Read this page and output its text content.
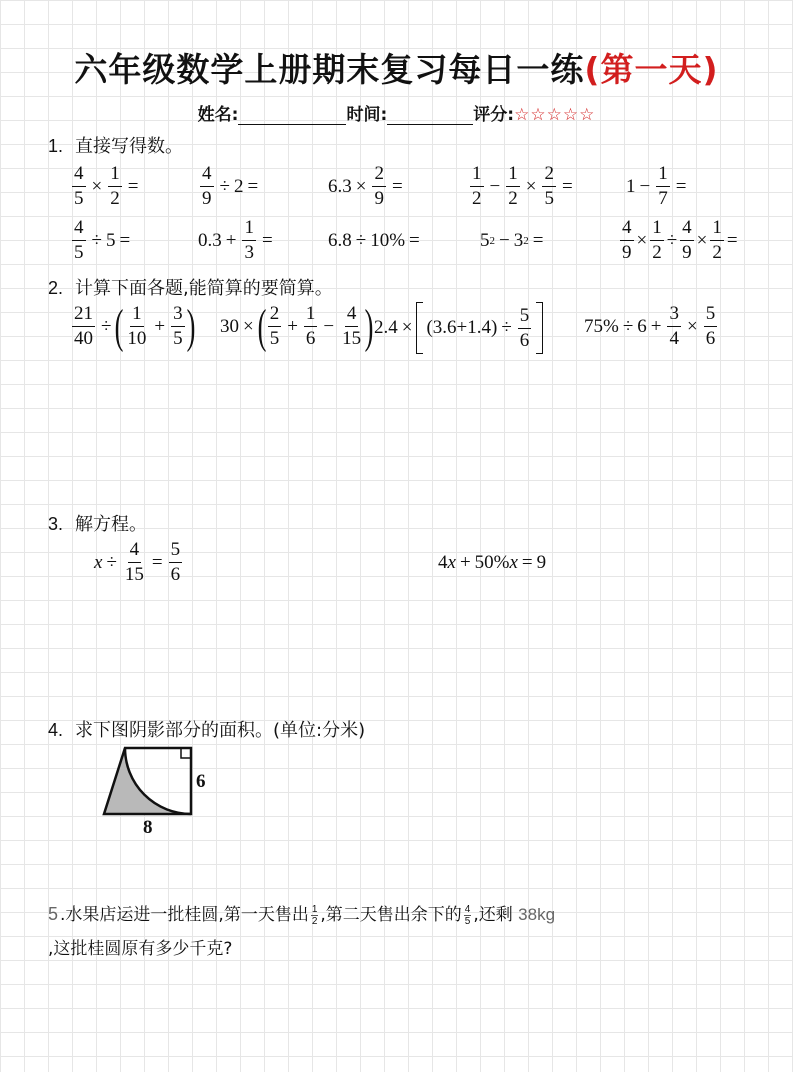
六年级数学上册期末复习每日一练(第一天)
姓名:	时间:	评分:☆☆☆☆☆
1. 直接写得数。
$\frac{4}{5} \times \frac{1}{2}$ =	$\frac{4}{9} \div 2$ =	$6.3 \times \frac{2}{9}$ =	$\frac{1}{2} - \frac{1}{2} \times \frac{2}{5}$ =	$1 - \frac{1}{7}$ =
$\frac{4}{5} \div 5$ =	$0.3 + \frac{1}{3}$ =	6.8 ÷ 10% =	5 2 − 3 2 =	$\frac{4}{9} \times \frac{1}{2} \div \frac{4}{9} \times \frac{1}{2}$ =
2. 计算下面各题,能简算的要简算。
$\frac{21}{40}$ ÷ ( $\frac{1}{10} + \frac{3}{5}$ ) 30 × ( $\frac{2}{5} + \frac{1}{6} - \frac{4}{15}$ ) $2.4 \times (3.6 +1.4) \div \frac{5}{6}$	$75\% \div 6 + \frac{3}{4} \times \frac{5}{6}$
3. 解方程。
$x \div \frac{4}{15} = \frac{5}{6}$	4 x + 50% x = 9
4. 求下图阴影部分的面积。(单位:分米)
6
8
5 .水果店运进一批桂圆,第一天售出 $\frac{1}{2}$ ,第二天售出余下的 $\frac{4}{5}$ ,还剩 38kg
,这批桂圆原有多少千克?
